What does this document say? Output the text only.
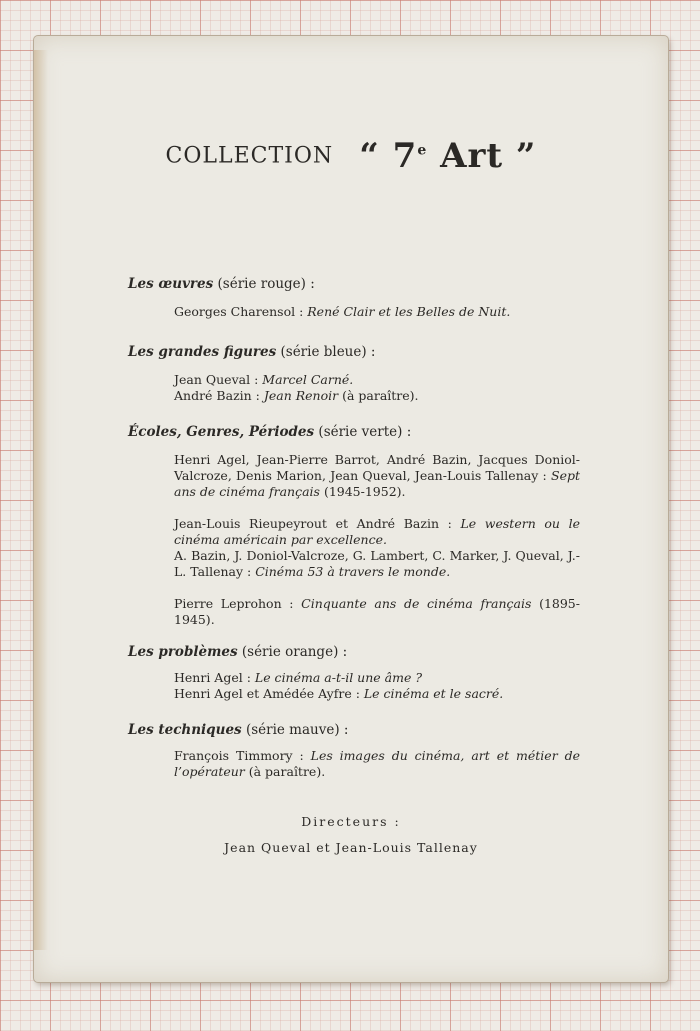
COLLECTION “ 7e Art ”
Les œuvres (série rouge) :
Georges Charensol : René Clair et les Belles de Nuit.
Les grandes figures (série bleue) :
Jean Queval : Marcel Carné.
André Bazin : Jean Renoir (à paraître).
Écoles, Genres, Périodes (série verte) :
Henri Agel, Jean-Pierre Barrot, André Bazin, Jacques Doniol-Valcroze, Denis Marion, Jean Queval, Jean-Louis Tallenay : Sept ans de cinéma français (1945-1952).
Jean-Louis Rieupeyrout et André Bazin : Le western ou le cinéma américain par excellence.
A. Bazin, J. Doniol-Valcroze, G. Lambert, C. Marker, J. Queval, J.-L. Tallenay : Cinéma 53 à travers le monde.
Pierre Leprohon : Cinquante ans de cinéma français (1895-1945).
Les problèmes (série orange) :
Henri Agel : Le cinéma a-t-il une âme ?
Henri Agel et Amédée Ayfre : Le cinéma et le sacré.
Les techniques (série mauve) :
François Timmory : Les images du cinéma, art et métier de l’opérateur (à paraître).
Directeurs :
Jean Queval et Jean-Louis Tallenay
